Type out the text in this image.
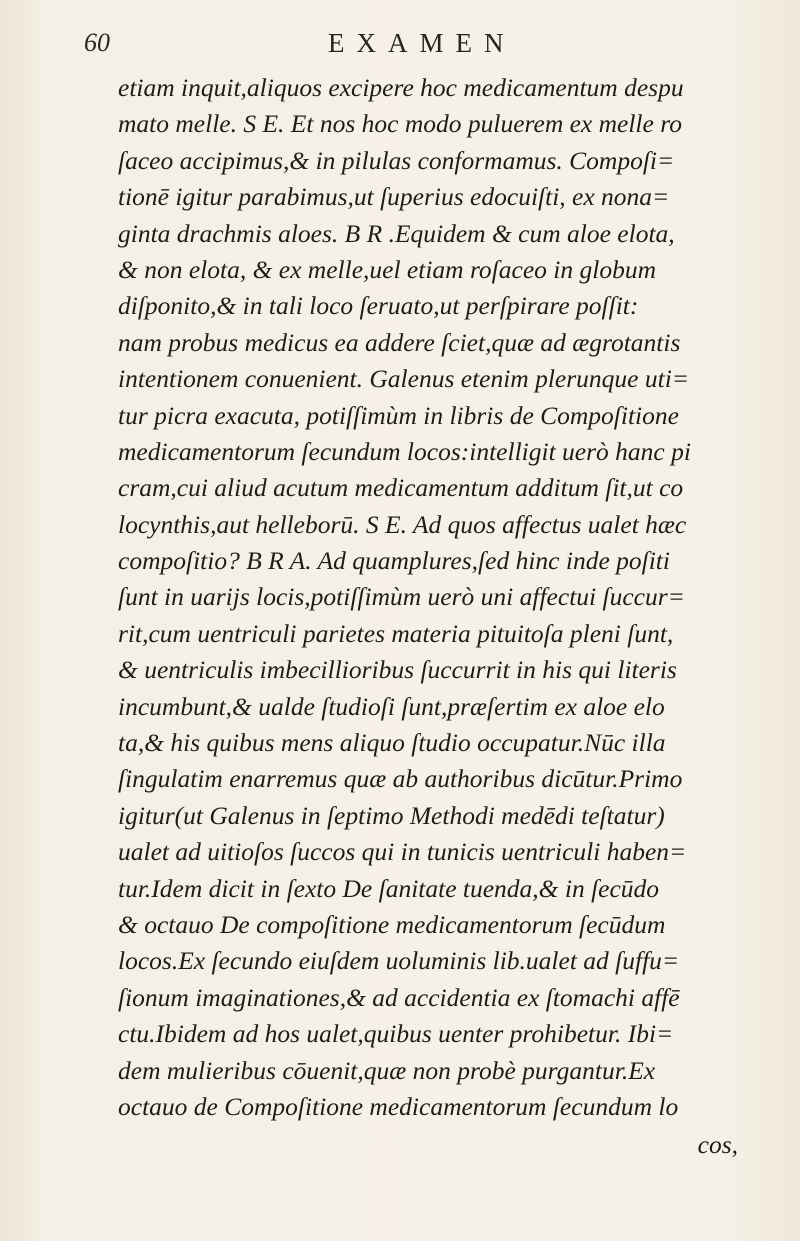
60	EXAMEN
etiam inquit,aliquos excipere hoc medicamentum despu
mato melle. S E. Et nos hoc modo puluerem ex melle ro
ſaceo accipimus,& in pilulas conformamus. Compoſi=
tionē igitur parabimus,ut ſuperius edocuiſti, ex nona=
ginta drachmis aloes. B R .Equidem & cum aloe elota,
& non elota, & ex melle,uel etiam roſaceo in globum
diſponito,& in tali loco ſeruato,ut perſpirare poſſit:
nam probus medicus ea addere ſciet,quæ ad ægrotantis
intentionem conuenient. Galenus etenim plerunque uti=
tur picra exacuta, potiſſimùm in libris de Compoſitione
medicamentorum ſecundum locos:intelligit uerò hanc pi
cram,cui aliud acutum medicamentum additum ſit,ut co
locynthis,aut helleborū. S E. Ad quos affectus ualet hæc
compoſitio? B R A. Ad quamplures,ſed hinc inde poſiti
ſunt in uarijs locis,potiſſimùm uerò uni affectui ſuccur=
rit,cum uentriculi parietes materia pituitoſa pleni ſunt,
& uentriculis imbecillioribus ſuccurrit in his qui literis
incumbunt,& ualde ſtudioſi ſunt,præſertim ex aloe elo
ta,& his quibus mens aliquo ſtudio occupatur.Nūc illa
ſingulatim enarremus quæ ab authoribus dicūtur.Primo
igitur(ut Galenus in ſeptimo Methodi medēdi teſtatur)
ualet ad uitioſos ſuccos qui in tunicis uentriculi haben=
tur.Idem dicit in ſexto De ſanitate tuenda,& in ſecūdo
& octauo De compoſitione medicamentorum ſecūdum
locos.Ex ſecundo eiuſdem uoluminis lib.ualet ad ſuffu=
ſionum imaginationes,& ad accidentia ex ſtomachi affē
ctu.Ibidem ad hos ualet,quibus uenter prohibetur. Ibi=
dem mulieribus cōuenit,quæ non probè purgantur.Ex
octauo de Compoſitione medicamentorum ſecundum lo
cos,
